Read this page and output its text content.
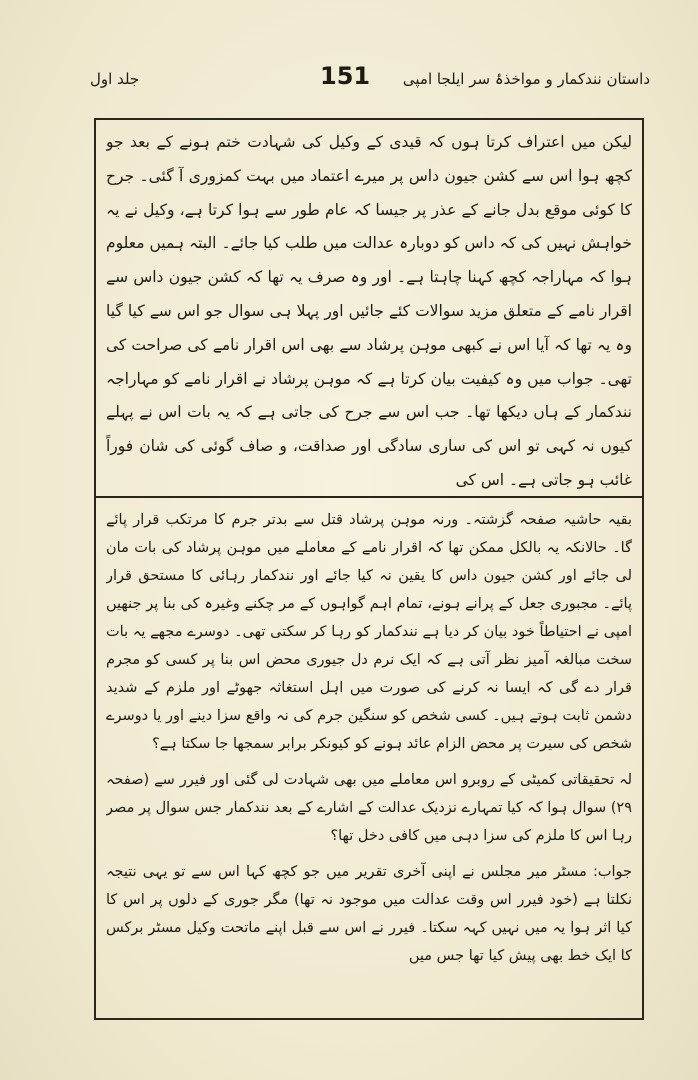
داستان نندکمار و مواخذۂ سر ایلجا امپی
151
جلد اول

لیکن میں اعتراف کرتا ہوں کہ قیدی کے وکیل کی شہادت ختم ہونے کے بعد جو کچھ ہوا اس سے کشن جیون داس پر میرے اعتماد میں بہت کمزوری آ گئی۔ جرح کا کوئی موقع بدل جانے کے عذر پر جیسا کہ عام طور سے ہوا کرتا ہے، وکیل نے یہ خواہش نہیں کی کہ داس کو دوبارہ عدالت میں طلب کیا جائے۔ البتہ ہمیں معلوم ہوا کہ مہاراجہ کچھ کہنا چاہتا ہے۔ اور وہ صرف یہ تھا کہ کشن جیون داس سے اقرار نامے کے متعلق مزید سوالات کئے جائیں اور پہلا ہی سوال جو اس سے کیا گیا وہ یہ تھا کہ آیا اس نے کبھی موہن پرشاد سے بھی اس اقرار نامے کی صراحت کی تھی۔ جواب میں وہ کیفیت بیان کرتا ہے کہ موہن پرشاد نے اقرار نامے کو مہاراجہ نندکمار کے ہاں دیکھا تھا۔ جب اس سے جرح کی جاتی ہے کہ یہ بات اس نے پہلے کیوں نہ کہی تو اس کی ساری سادگی اور صداقت، و صاف گوئی کی شان فوراً غائب ہو جاتی ہے۔ اس کی

بقیہ حاشیہ صفحہ گزشتہ۔ ورنہ موہن پرشاد قتل سے بدتر جرم کا مرتکب قرار پائے گا۔ حالانکہ یہ بالکل ممکن تھا کہ اقرار نامے کے معاملے میں موہن پرشاد کی بات مان لی جائے اور کشن جیون داس کا یقین نہ کیا جائے اور نندکمار رہائی کا مستحق قرار پائے۔ مجبوری جعل کے پرانے ہونے، تمام اہم گواہوں کے مر چکنے وغیرہ کی بنا پر جنھیں امپی نے احتیاطاً خود بیان کر دیا ہے نندکمار کو رہا کر سکتی تھی۔ دوسرے مجھے یہ بات سخت مبالغہ آمیز نظر آتی ہے کہ ایک نرم دل جیوری محض اس بنا پر کسی کو مجرم قرار دے گی کہ ایسا نہ کرنے کی صورت میں اہل استغاثہ جھوٹے اور ملزم کے شدید دشمن ثابت ہوتے ہیں۔ کسی شخص کو سنگین جرم کی نہ واقع سزا دینے اور یا دوسرے شخص کی سیرت پر محض الزام عائد ہونے کو کیونکر برابر سمجھا جا سکتا ہے؟

لہ تحقیقاتی کمیٹی کے روبرو اس معاملے میں بھی شہادت لی گئی اور فیرر سے (صفحہ ۲۹) سوال ہوا کہ کیا تمہارے نزدیک عدالت کے اشارے کے بعد نندکمار جس سوال پر مصر رہا اس کا ملزم کی سزا دہی میں کافی دخل تھا؟

جواب: مسٹر میر مجلس نے اپنی آخری تقریر میں جو کچھ کہا اس سے تو یہی نتیجہ نکلتا ہے (خود فیرر اس وقت عدالت میں موجود نہ تھا) مگر جوری کے دلوں پر اس کا کیا اثر ہوا یہ میں نہیں کہہ سکتا۔ فیرر نے اس سے قبل اپنے ماتحت وکیل مسٹر برکس کا ایک خط بھی پیش کیا تھا جس میں
